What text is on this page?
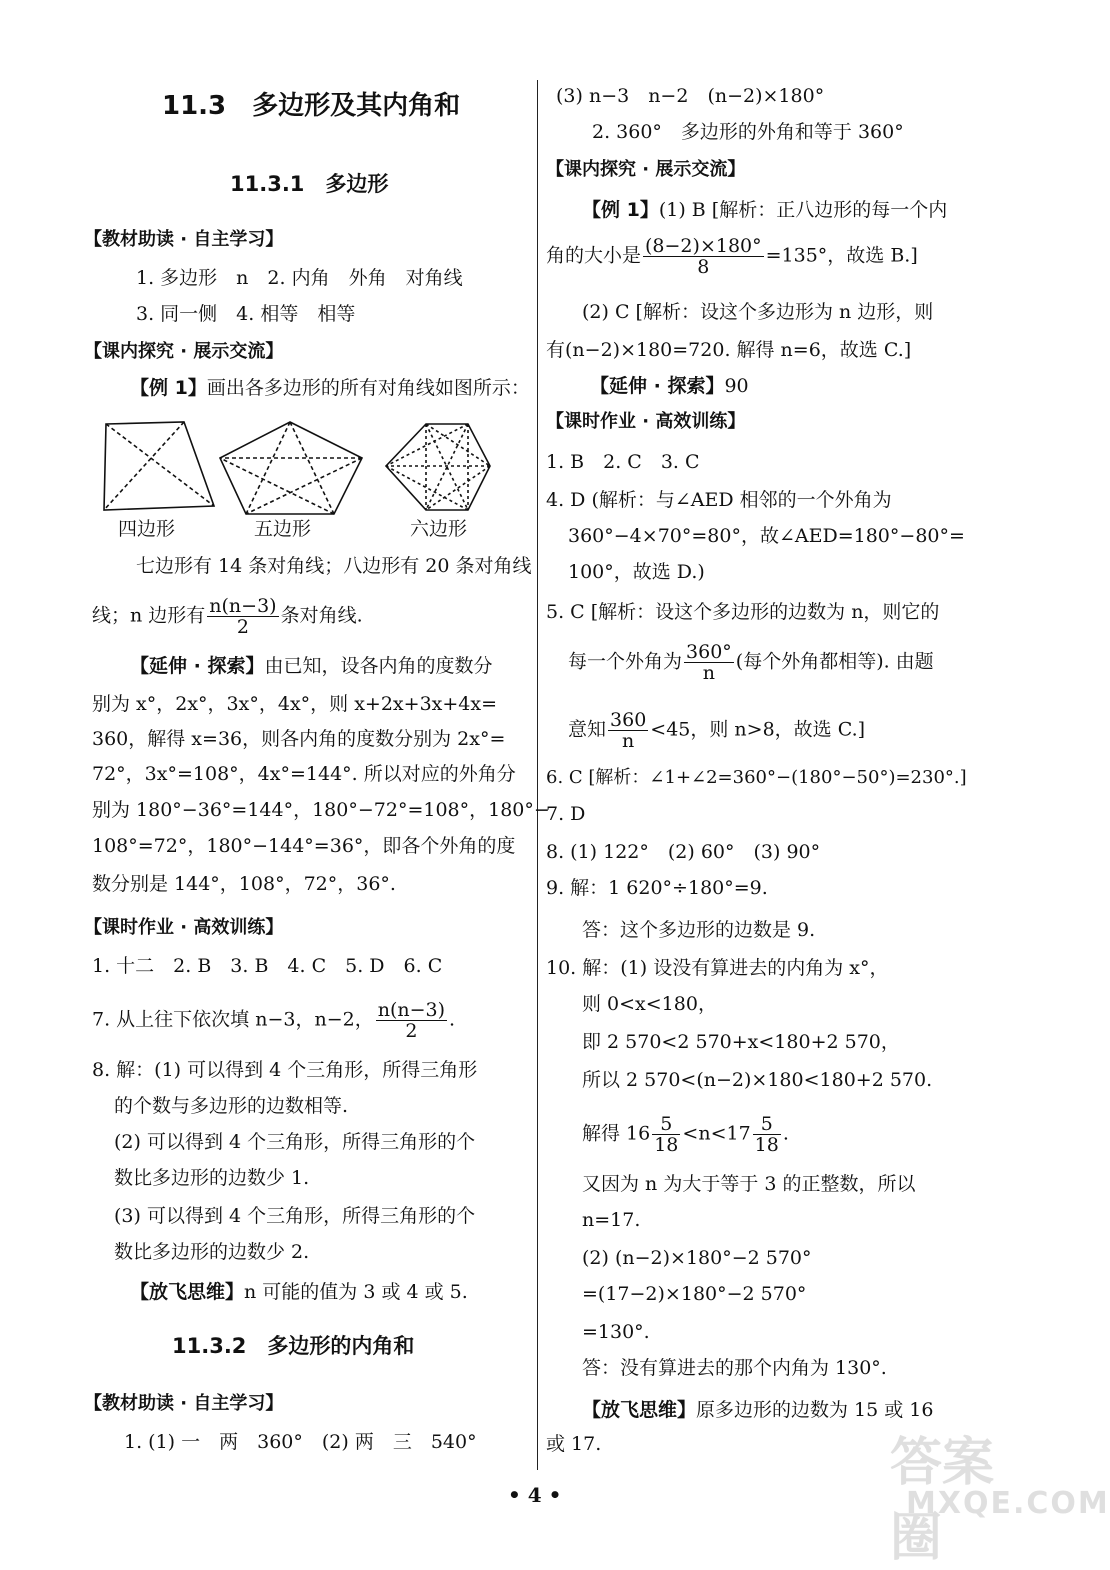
11.3　多边形及其内角和
11.3.1　多边形
【教材助读 · 自主学习】
1. 多边形　n　2. 内角　外角　对角线
3. 同一侧　4. 相等　相等
【课内探究 · 展示交流】
【例 1】画出各多边形的所有对角线如图所示：
四边形	五边形	六边形
七边形有 14 条对角线；八边形有 20 条对角线
线；n 边形有 $\frac{n(n-3)}{2}$ 条对角线.
【延伸 · 探索】由已知，设各内角的度数分
别为 x°，2x°，3x°，4x°，则 x+2x+3x+4x=
360，解得 x=36，则各内角的度数分别为 2x°=
72°，3x°=108°，4x°=144°. 所以对应的外角分
别为 180°−36°=144°，180°−72°=108°，180°−
108°=72°，180°−144°=36°，即各个外角的度
数分别是 144°，108°，72°，36°.
【课时作业 · 高效训练】
1. 十二　2. B　3. B　4. C　5. D　6. C
7. 从上往下依次填 n−3，n−2， $\frac{n(n-3)}{2}$ .
8. 解：(1) 可以得到 4 个三角形，所得三角形
的个数与多边形的边数相等.
(2) 可以得到 4 个三角形，所得三角形的个
数比多边形的边数少 1.
(3) 可以得到 4 个三角形，所得三角形的个
数比多边形的边数少 2.
【放飞思维】n 可能的值为 3 或 4 或 5.
11.3.2　多边形的内角和
【教材助读 · 自主学习】
1. (1) 一　两　360°　(2) 两　三　540°
(3) n−3　n−2　(n−2)×180°
2. 360°　多边形的外角和等于 360°
【课内探究 · 展示交流】
【例 1】(1) B [解析：正八边形的每一个内
角的大小是 $\frac{(8-2)\times 180^\circ}{8} =135^\circ$，故选 B.]
(2) C [解析：设这个多边形为 n 边形，则
有(n−2)×180=720. 解得 n=6，故选 C.]
【延伸 · 探索】90
【课时作业 · 高效训练】
1. B　2. C　3. C
4. D (解析：与∠AED 相邻的一个外角为
360°−4×70°=80°，故∠AED=180°−80°=
100°，故选 D.)
5. C [解析：设这个多边形的边数为 n，则它的
每一个外角为 $\frac{360^\circ}{n}$ (每个外角都相等). 由题
意知 $\frac{360}{n} <45$，则 n>8，故选 C.]
6. C [解析：∠1+∠2=360°−(180°−50°)=230°.]
7. D
8. (1) 122°　(2) 60°　(3) 90°
9. 解：1 620°÷180°=9.
答：这个多边形的边数是 9.
10. 解：(1) 设没有算进去的内角为 x°，
则 0<x<180，
即 2 570<2 570+x<180+2 570，
所以 2 570<(n−2)×180<180+2 570.
解得 $16 \frac{5}{18} <n<17 \frac{5}{18}$ .
又因为 n 为大于等于 3 的正整数，所以
n=17.
(2) (n−2)×180°−2 570°
=(17−2)×180°−2 570°
=130°.
答：没有算进去的那个内角为 130°.
【放飞思维】原多边形的边数为 15 或 16
或 17.
• 4 •
答案圈
MXQE.COM
